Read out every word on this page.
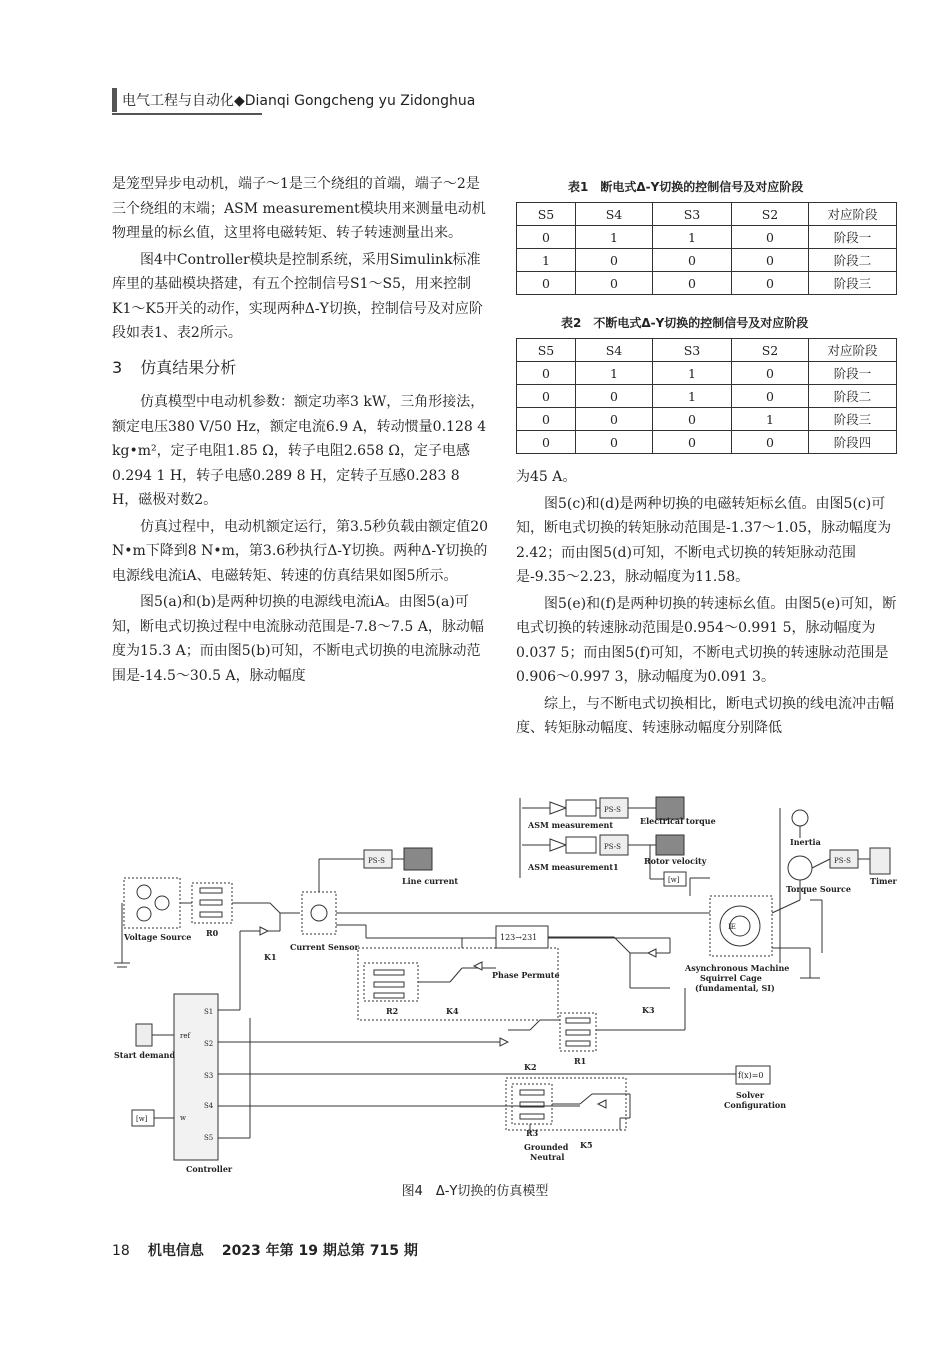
电气工程与自动化◆Dianqi Gongcheng yu Zidonghua

是笼型异步电动机，端子～1是三个绕组的首端，端子～2是三个绕组的末端；ASM measurement模块用来测量电动机物理量的标幺值，这里将电磁转矩、转子转速测量出来。

图4中Controller模块是控制系统，采用Simulink标准库里的基础模块搭建，有五个控制信号S1～S5，用来控制K1～K5开关的动作，实现两种Δ-Y切换，控制信号及对应阶段如表1、表2所示。

3 仿真结果分析

仿真模型中电动机参数：额定功率3 kW，三角形接法，额定电压380 V/50 Hz，额定电流6.9 A，转动惯量0.128 4 kg•m²，定子电阻1.85 Ω，转子电阻2.658 Ω，定子电感0.294 1 H，转子电感0.289 8 H，定转子互感0.283 8 H，磁极对数2。

仿真过程中，电动机额定运行，第3.5秒负载由额定值20 N•m下降到8 N•m，第3.6秒执行Δ-Y切换。两种Δ-Y切换的电源线电流iA、电磁转矩、转速的仿真结果如图5所示。

图5(a)和(b)是两种切换的电源线电流iA。由图5(a)可知，断电式切换过程中电流脉动范围是-7.8～7.5 A，脉动幅度为15.3 A；而由图5(b)可知，不断电式切换的电流脉动范围是-14.5～30.5 A，脉动幅度

表1　断电式Δ-Y切换的控制信号及对应阶段
S5	S4	S3	S2	对应阶段
0	1	1	0	阶段一
1	0	0	0	阶段二
0	0	0	0	阶段三
表2　不断电式Δ-Y切换的控制信号及对应阶段
S5	S4	S3	S2	对应阶段
0	1	1	0	阶段一
0	0	1	0	阶段二
0	0	0	1	阶段三
0	0	0	0	阶段四

为45 A。

图5(c)和(d)是两种切换的电磁转矩标幺值。由图5(c)可知，断电式切换的转矩脉动范围是-1.37～1.05，脉动幅度为2.42；而由图5(d)可知，不断电式切换的转矩脉动范围是-9.35～2.23，脉动幅度为11.58。

图5(e)和(f)是两种切换的转速标幺值。由图5(e)可知，断电式切换的转速脉动范围是0.954～0.991 5，脉动幅度为0.037 5；而由图5(f)可知，不断电式切换的转速脉动范围是0.906～0.997 3，脉动幅度为0.091 3。

综上，与不断电式切换相比，断电式切换的线电流冲击幅度、转矩脉动幅度、转速脉动幅度分别降低

ASM measurement	Electrical torque
PS-S
[w]
ASM measurement1
Rotor velocity
PS-S
Line current
PS-S
Voltage Source R0
K1
Current Sensor
Inertia
Timer
PS-S
Torque Source
IE
Asynchronous Machine
Squirrel Cage
(fundamental, SI)
123→231
Phase Permute
K3
R2	K4
Controller
ref
w
S1
S2
S3
S4
S5
Start demand
[w]
K2
R1
f(x)=0
Solver
Configuration
R3
K5
Grounded
Neutral
图4　Δ-Y切换的仿真模型
18 机电信息 2023 年第 19 期总第 715 期
